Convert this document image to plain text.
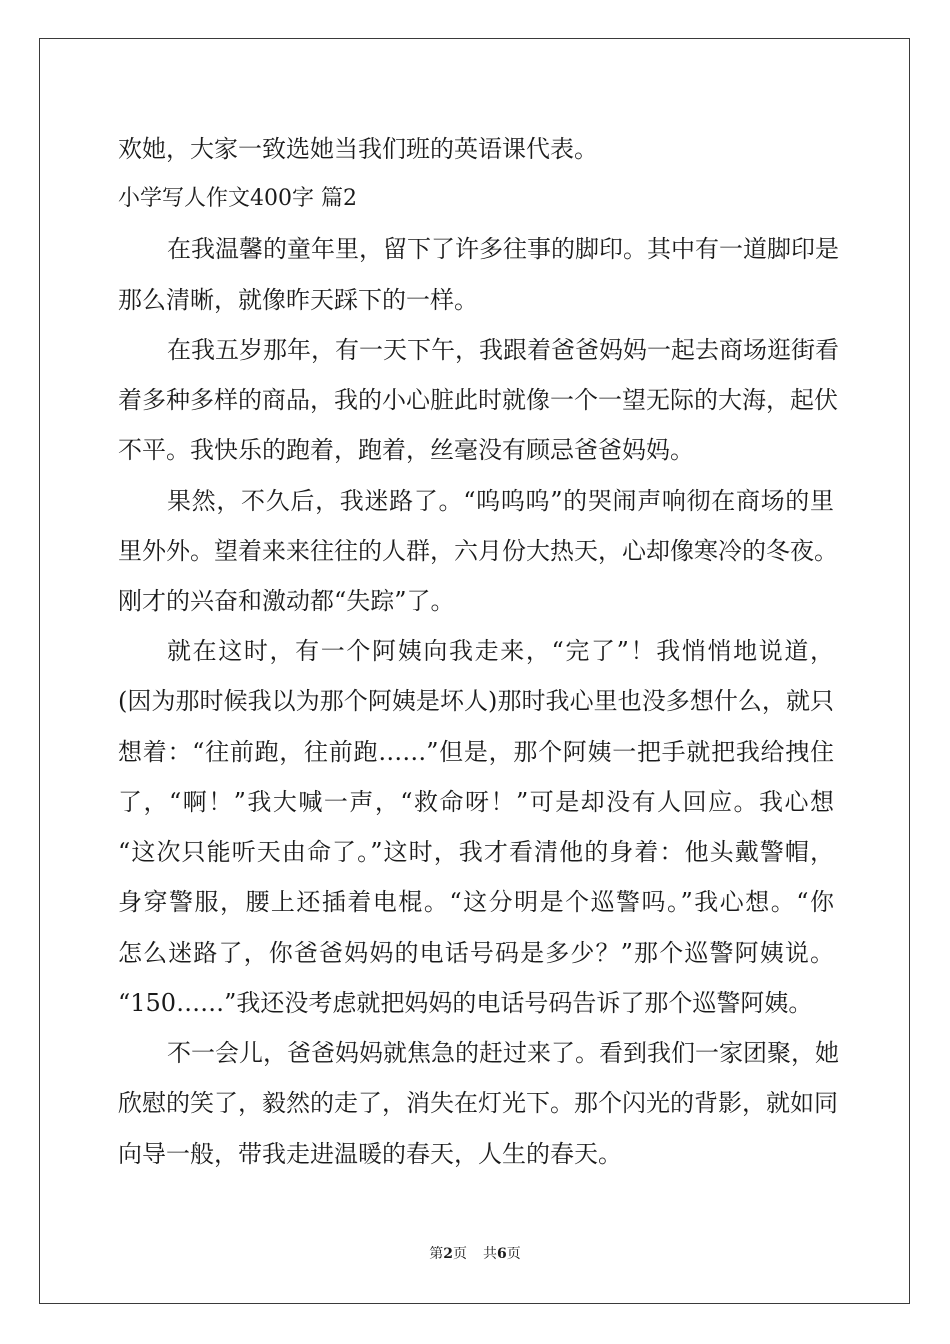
欢她，大家一致选她当我们班的英语课代表。
小学写人作文400字 篇2
在我温馨的童年里，留下了许多往事的脚印。其中有一道脚印是
那么清晰，就像昨天踩下的一样。
在我五岁那年，有一天下午，我跟着爸爸妈妈一起去商场逛街看
着多种多样的商品，我的小心脏此时就像一个一望无际的大海，起伏
不平。我快乐的跑着，跑着，丝毫没有顾忌爸爸妈妈。
果然，不久后，我迷路了。“呜呜呜”的哭闹声响彻在商场的里
里外外。望着来来往往的人群，六月份大热天，心却像寒冷的冬夜。
刚才的兴奋和激动都“失踪”了。
就在这时，有一个阿姨向我走来，“完了”！我悄悄地说道，
(因为那时候我以为那个阿姨是坏人)那时我心里也没多想什么，就只
想着：“往前跑，往前跑……”但是，那个阿姨一把手就把我给拽住
了，“啊！”我大喊一声，“救命呀！”可是却没有人回应。我心想
“这次只能听天由命了。”这时，我才看清他的身着：他头戴警帽，
身穿警服，腰上还插着电棍。“这分明是个巡警吗。”我心想。“你
怎么迷路了，你爸爸妈妈的电话号码是多少？”那个巡警阿姨说。
“150……”我还没考虑就把妈妈的电话号码告诉了那个巡警阿姨。
不一会儿，爸爸妈妈就焦急的赶过来了。看到我们一家团聚，她
欣慰的笑了，毅然的走了，消失在灯光下。那个闪光的背影，就如同
向导一般，带我走进温暖的春天，人生的春天。
第2页 共6页
